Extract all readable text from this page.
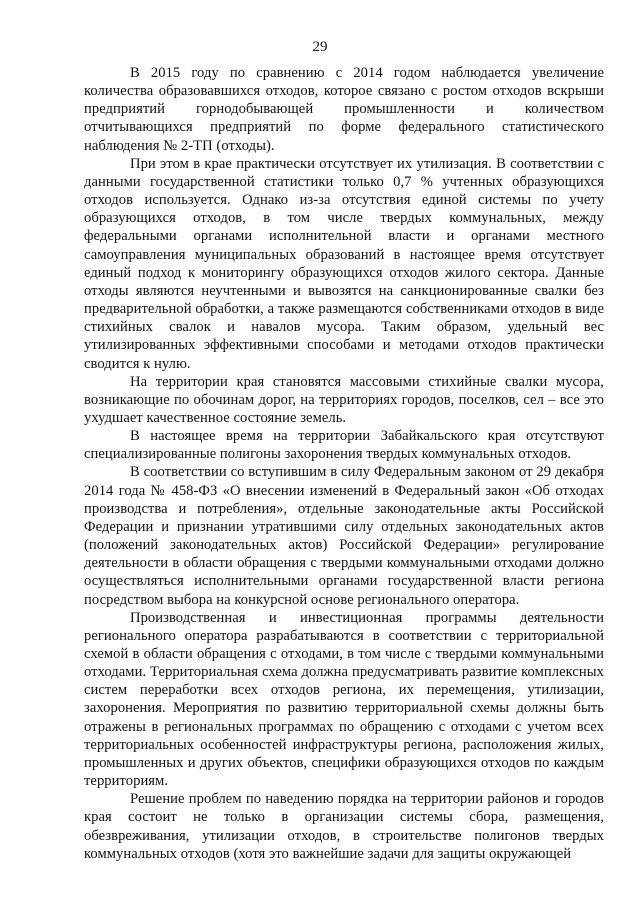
29

В 2015 году по сравнению с 2014 годом наблюдается увеличение количества образовавшихся отходов, которое связано с ростом отходов вскрыши предприятий горнодобывающей промышленности и количеством отчитывающихся предприятий по форме федерального статистического наблюдения № 2-ТП (отходы).

При этом в крае практически отсутствует их утилизация. В соответствии с данными государственной статистики только 0,7 % учтенных образующихся отходов используется. Однако из-за отсутствия единой системы по учету образующихся отходов, в том числе твердых коммунальных, между федеральными органами исполнительной власти и органами местного самоуправления муниципальных образований в настоящее время отсутствует единый подход к мониторингу образующихся отходов жилого сектора. Данные отходы являются неучтенными и вывозятся на санкционированные свалки без предварительной обработки, а также размещаются собственниками отходов в виде стихийных свалок и навалов мусора. Таким образом, удельный вес утилизированных эффективными способами и методами отходов практически сводится к нулю.

На территории края становятся массовыми стихийные свалки мусора, возникающие по обочинам дорог, на территориях городов, поселков, сел – все это ухудшает качественное состояние земель.

В настоящее время на территории Забайкальского края отсутствуют специализированные полигоны захоронения твердых коммунальных отходов.

В соответствии со вступившим в силу Федеральным законом от 29 декабря 2014 года № 458-ФЗ «О внесении изменений в Федеральный закон «Об отходах производства и потребления», отдельные законодательные акты Российской Федерации и признании утратившими силу отдельных законодательных актов (положений законодательных актов) Российской Федерации» регулирование деятельности в области обращения с твердыми коммунальными отходами должно осуществляться исполнительными органами государственной власти региона посредством выбора на конкурсной основе регионального оператора.

Производственная и инвестиционная программы деятельности регионального оператора разрабатываются в соответствии с территориальной схемой в области обращения с отходами, в том числе с твердыми коммунальными отходами. Территориальная схема должна предусматривать развитие комплексных систем переработки всех отходов региона, их перемещения, утилизации, захоронения. Мероприятия по развитию территориальной схемы должны быть отражены в региональных программах по обращению с отходами с учетом всех территориальных особенностей инфраструктуры региона, расположения жилых, промышленных и других объектов, специфики образующихся отходов по каждым территориям.

Решение проблем по наведению порядка на территории районов и городов края состоит не только в организации системы сбора, размещения, обезвреживания, утилизации отходов, в строительстве полигонов твердых коммунальных отходов (хотя это важнейшие задачи для защиты окружающей
